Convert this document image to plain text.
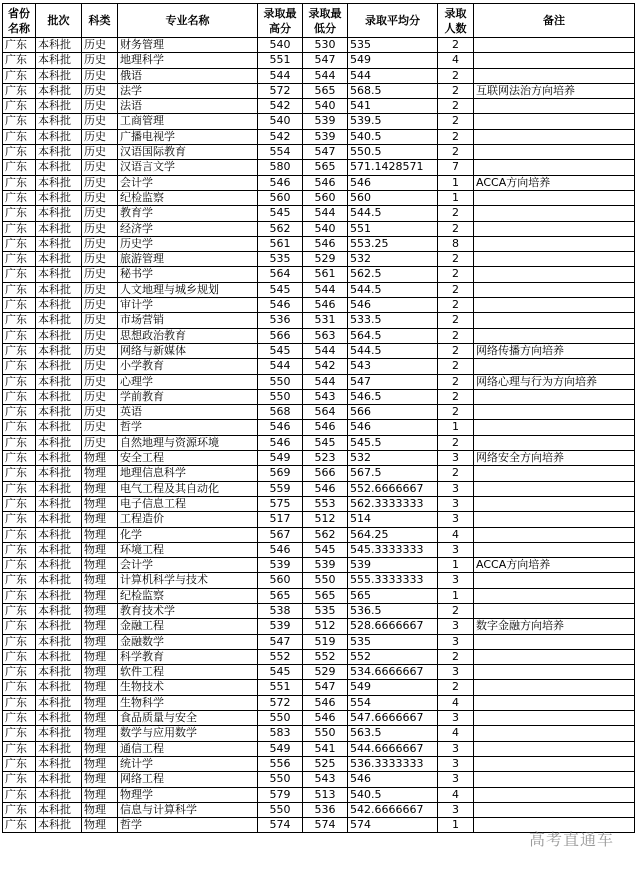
省份名称	批次	科类	专业名称	录取最高分	录取最低分	录取平均分	录取人数	备注
广东	本科批	历史	财务管理	540	530	535	2	
广东	本科批	历史	地理科学	551	547	549	4	
广东	本科批	历史	俄语	544	544	544	2	
广东	本科批	历史	法学	572	565	568.5	2	互联网法治方向培养
广东	本科批	历史	法语	542	540	541	2	
广东	本科批	历史	工商管理	540	539	539.5	2	
广东	本科批	历史	广播电视学	542	539	540.5	2	
广东	本科批	历史	汉语国际教育	554	547	550.5	2	
广东	本科批	历史	汉语言文学	580	565	571.1428571	7	
广东	本科批	历史	会计学	546	546	546	1	ACCA方向培养
广东	本科批	历史	纪检监察	560	560	560	1	
广东	本科批	历史	教育学	545	544	544.5	2	
广东	本科批	历史	经济学	562	540	551	2	
广东	本科批	历史	历史学	561	546	553.25	8	
广东	本科批	历史	旅游管理	535	529	532	2	
广东	本科批	历史	秘书学	564	561	562.5	2	
广东	本科批	历史	人文地理与城乡规划	545	544	544.5	2	
广东	本科批	历史	审计学	546	546	546	2	
广东	本科批	历史	市场营销	536	531	533.5	2	
广东	本科批	历史	思想政治教育	566	563	564.5	2	
广东	本科批	历史	网络与新媒体	545	544	544.5	2	网络传播方向培养
广东	本科批	历史	小学教育	544	542	543	2	
广东	本科批	历史	心理学	550	544	547	2	网络心理与行为方向培养
广东	本科批	历史	学前教育	550	543	546.5	2	
广东	本科批	历史	英语	568	564	566	2	
广东	本科批	历史	哲学	546	546	546	1	
广东	本科批	历史	自然地理与资源环境	546	545	545.5	2	
广东	本科批	物理	安全工程	549	523	532	3	网络安全方向培养
广东	本科批	物理	地理信息科学	569	566	567.5	2	
广东	本科批	物理	电气工程及其自动化	559	546	552.6666667	3	
广东	本科批	物理	电子信息工程	575	553	562.3333333	3	
广东	本科批	物理	工程造价	517	512	514	3	
广东	本科批	物理	化学	567	562	564.25	4	
广东	本科批	物理	环境工程	546	545	545.3333333	3	
广东	本科批	物理	会计学	539	539	539	1	ACCA方向培养
广东	本科批	物理	计算机科学与技术	560	550	555.3333333	3	
广东	本科批	物理	纪检监察	565	565	565	1	
广东	本科批	物理	教育技术学	538	535	536.5	2	
广东	本科批	物理	金融工程	539	512	528.6666667	3	数字金融方向培养
广东	本科批	物理	金融数学	547	519	535	3	
广东	本科批	物理	科学教育	552	552	552	2	
广东	本科批	物理	软件工程	545	529	534.6666667	3	
广东	本科批	物理	生物技术	551	547	549	2	
广东	本科批	物理	生物科学	572	546	554	4	
广东	本科批	物理	食品质量与安全	550	546	547.6666667	3	
广东	本科批	物理	数学与应用数学	583	550	563.5	4	
广东	本科批	物理	通信工程	549	541	544.6666667	3	
广东	本科批	物理	统计学	556	525	536.3333333	3	
广东	本科批	物理	网络工程	550	543	546	3	
广东	本科批	物理	物理学	579	513	540.5	4	
广东	本科批	物理	信息与计算科学	550	536	542.6666667	3	
广东	本科批	物理	哲学	574	574	574	1	
高考直通车
